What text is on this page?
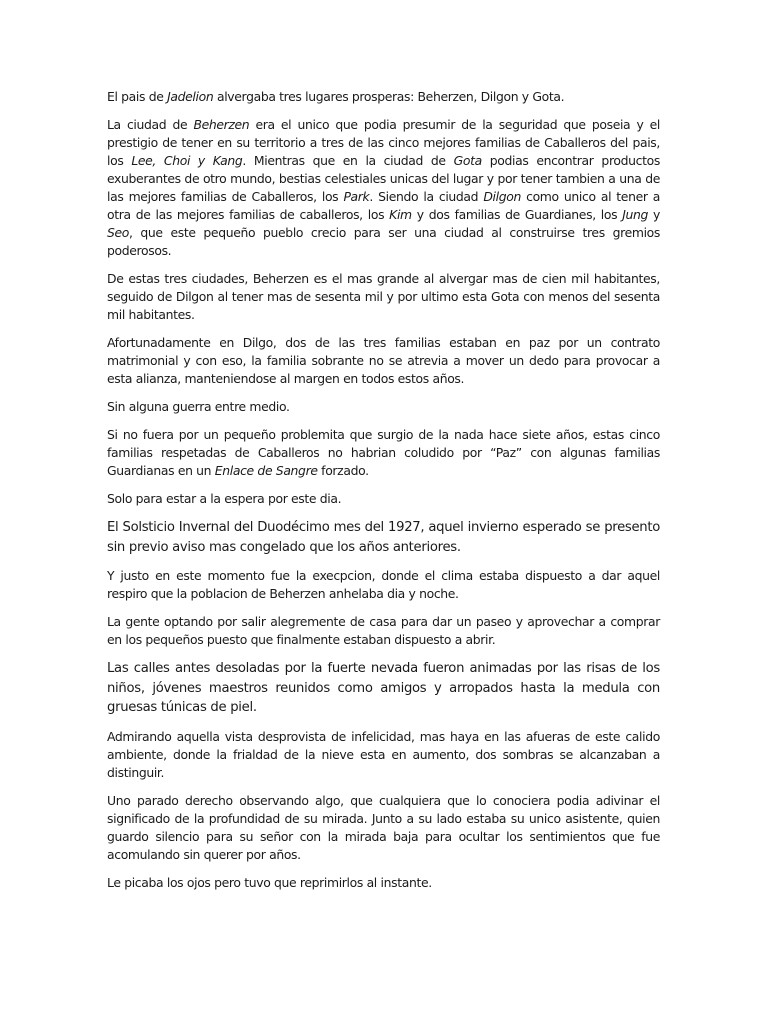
El pais de Jadelion alvergaba tres lugares prosperas: Beherzen, Dilgon y Gota.

La ciudad de Beherzen era el unico que podia presumir de la seguridad que poseia y el prestigio de tener en su territorio a tres de las cinco mejores familias de Caballeros del pais, los Lee, Choi y Kang. Mientras que en la ciudad de Gota podias encontrar productos exuberantes de otro mundo, bestias celestiales unicas del lugar y por tener tambien a una de las mejores familias de Caballeros, los Park. Siendo la ciudad Dilgon como unico al tener a otra de las mejores familias de caballeros, los Kim y dos familias de Guardianes, los Jung y Seo, que este pequeño pueblo crecio para ser una ciudad al construirse tres gremios poderosos.

De estas tres ciudades, Beherzen es el mas grande al alvergar mas de cien mil habitantes, seguido de Dilgon al tener mas de sesenta mil y por ultimo esta Gota con menos del sesenta mil habitantes.

Afortunadamente en Dilgo, dos de las tres familias estaban en paz por un contrato matrimonial y con eso, la familia sobrante no se atrevia a mover un dedo para provocar a esta alianza, manteniendose al margen en todos estos años.

Sin alguna guerra entre medio.

Si no fuera por un pequeño problemita que surgio de la nada hace siete años, estas cinco familias respetadas de Caballeros no habrian coludido por “Paz” con algunas familias Guardianas en un Enlace de Sangre forzado.

Solo para estar a la espera por este dia.

El Solsticio Invernal del Duodécimo mes del 1927, aquel invierno esperado se presento sin previo aviso mas congelado que los años anteriores.

Y justo en este momento fue la execpcion, donde el clima estaba dispuesto a dar aquel respiro que la poblacion de Beherzen anhelaba dia y noche.

La gente optando por salir alegremente de casa para dar un paseo y aprovechar a comprar en los pequeños puesto que finalmente estaban dispuesto a abrir.

Las calles antes desoladas por la fuerte nevada fueron animadas por las risas de los niños, jóvenes maestros reunidos como amigos y arropados hasta la medula con gruesas túnicas de piel.

Admirando aquella vista desprovista de infelicidad, mas haya en las afueras de este calido ambiente, donde la frialdad de la nieve esta en aumento, dos sombras se alcanzaban a distinguir.

Uno parado derecho observando algo, que cualquiera que lo conociera podia adivinar el significado de la profundidad de su mirada. Junto a su lado estaba su unico asistente, quien guardo silencio para su señor con la mirada baja para ocultar los sentimientos que fue acomulando sin querer por años.

Le picaba los ojos pero tuvo que reprimirlos al instante.
